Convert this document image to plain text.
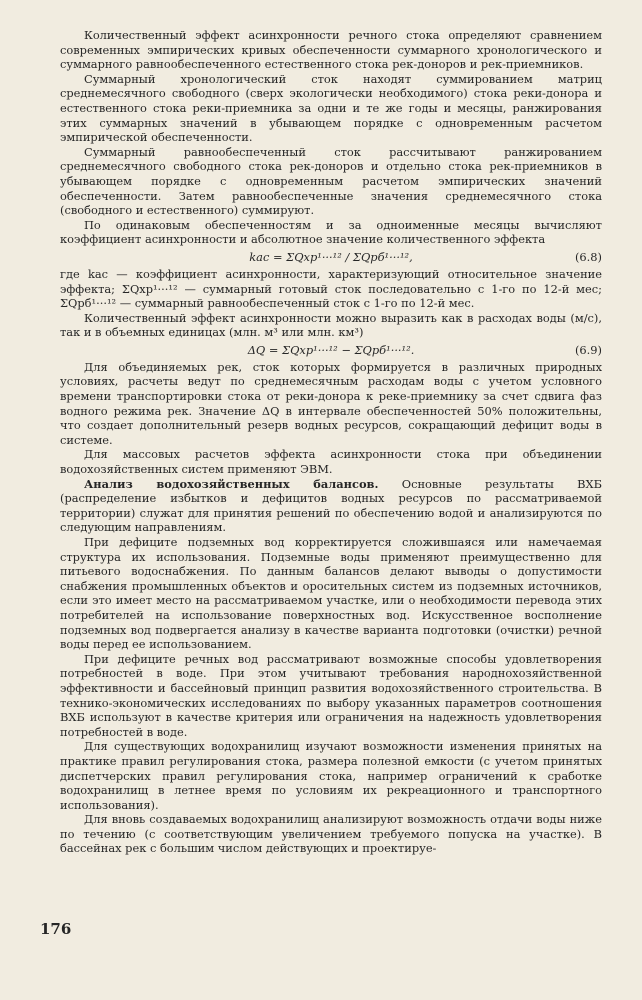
Количественный эффект асинхронности речного стока определяют сравнением современных эмпирических кривых обеспеченности суммарного хронологического и суммарного равнообеспеченного естественного стока рек-доноров и рек-приемников.

Суммарный хронологический сток находят суммированием матриц среднемесячного свободного (сверх экологически необходимого) стока реки-донора и естественного стока реки-приемника за одни и те же годы и месяцы, ранжирования этих суммарных значений в убывающем порядке с одновременным расчетом эмпирической обеспеченности.

Суммарный равнообеспеченный сток рассчитывают ранжированием среднемесячного свободного стока рек-доноров и отдельно стока рек-приемников в убывающем порядке с одновременным расчетом эмпирических значений обеспеченности. Затем равнообеспеченные значения среднемесячного стока (свободного и естественного) суммируют.

По одинаковым обеспеченностям и за одноименные месяцы вычисляют коэффициент асинхронности и абсолютное значение количественного эффекта

kас = ΣQхр¹···¹² / ΣQрб¹···¹²,	(6.8)

где kас — коэффициент асинхронности, характеризующий относительное значение эффекта; ΣQхр¹···¹² — суммарный готовый сток последовательно с 1-го по 12-й мес; ΣQрб¹···¹² — суммарный равнообеспеченный сток с 1-го по 12-й мес.

Количественный эффект асинхронности можно выразить как в расходах воды (м/с), так и в объемных единицах (млн. м³ или млн. км³)

ΔQ = ΣQхр¹···¹² − ΣQрб¹···¹².	(6.9)

Для объединяемых рек, сток которых формируется в различных природных условиях, расчеты ведут по среднемесячным расходам воды с учетом условного времени транспортировки стока от реки-донора к реке-приемнику за счет сдвига фаз водного режима рек. Значение ΔQ в интервале обеспеченностей 50% положительны, что создает дополнительный резерв водных ресурсов, сокращающий дефицит воды в системе.

Для массовых расчетов эффекта асинхронности стока при объединении водохозяйственных систем применяют ЭВМ.

Анализ водохозяйственных балансов. Основные результаты ВХБ (распределение избытков и дефицитов водных ресурсов по рассматриваемой территории) служат для принятия решений по обеспечению водой и анализируются по следующим направлениям.

При дефиците подземных вод корректируется сложившаяся или намечаемая структура их использования. Подземные воды применяют преимущественно для питьевого водоснабжения. По данным балансов делают выводы о допустимости снабжения промышленных объектов и оросительных систем из подземных источников, если это имеет место на рассматриваемом участке, или о необходимости перевода этих потребителей на использование поверхностных вод. Искусственное восполнение подземных вод подвергается анализу в качестве варианта подготовки (очистки) речной воды перед ее использованием.

При дефиците речных вод рассматривают возможные способы удовлетворения потребностей в воде. При этом учитывают требования народнохозяйственной эффективности и бассейновый принцип развития водохозяйственного строительства. В технико-экономических исследованиях по выбору указанных параметров соотношения ВХБ используют в качестве критерия или ограничения на надежность удовлетворения потребностей в воде.

Для существующих водохранилищ изучают возможности изменения принятых на практике правил регулирования стока, размера полезной емкости (с учетом принятых диспетчерских правил регулирования стока, например ограничений к сработке водохранилищ в летнее время по условиям их рекреационного и транспортного использования).

Для вновь создаваемых водохранилищ анализируют возможность отдачи воды ниже по течению (с соответствующим увеличением требуемого попуска на участке). В бассейнах рек с большим числом действующих и проектируе-

176
